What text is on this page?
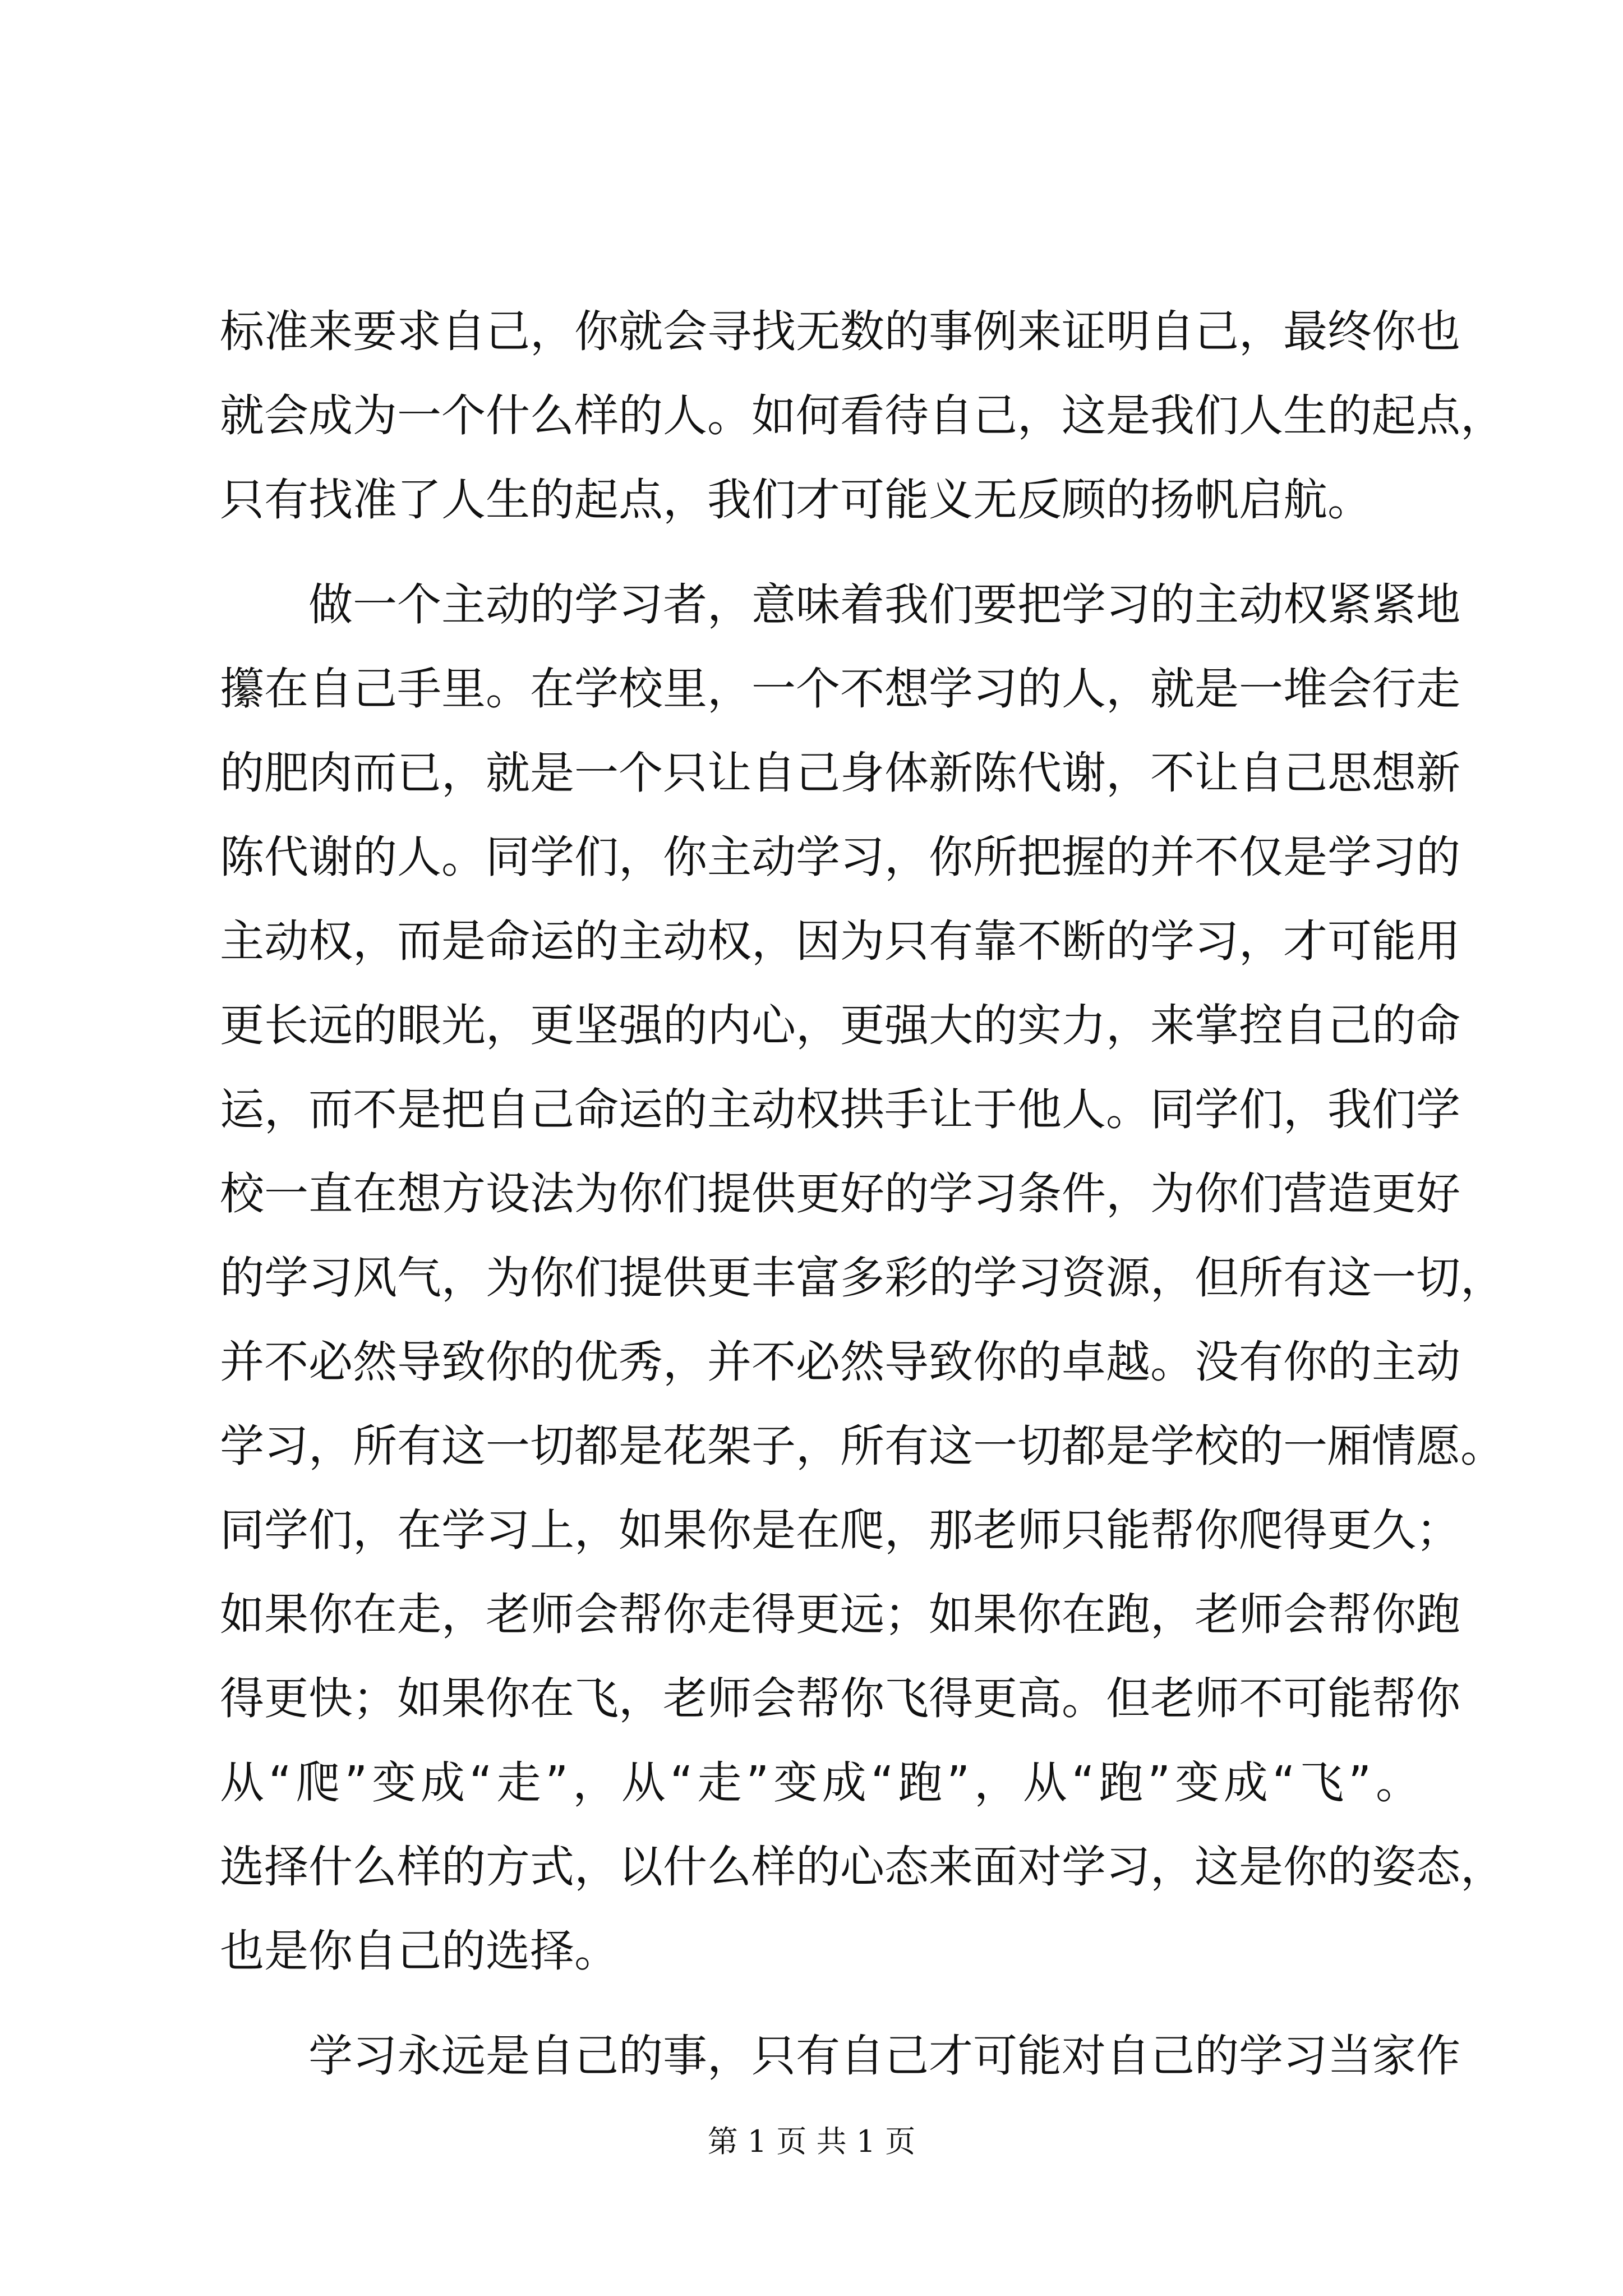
标准来要求自己，你就会寻找无数的事例来证明自己，最终你也
就会成为一个什么样的人。如何看待自己，这是我们人生的起点，
只有找准了人生的起点，我们才可能义无反顾的扬帆启航。
做一个主动的学习者，意味着我们要把学习的主动权紧紧地
攥在自己手里。在学校里，一个不想学习的人，就是一堆会行走
的肥肉而已，就是一个只让自己身体新陈代谢，不让自己思想新
陈代谢的人。同学们，你主动学习，你所把握的并不仅是学习的
主动权，而是命运的主动权，因为只有靠不断的学习，才可能用
更长远的眼光，更坚强的内心，更强大的实力，来掌控自己的命
运，而不是把自己命运的主动权拱手让于他人。同学们，我们学
校一直在想方设法为你们提供更好的学习条件，为你们营造更好
的学习风气，为你们提供更丰富多彩的学习资源，但所有这一切，
并不必然导致你的优秀，并不必然导致你的卓越。没有你的主动
学习，所有这一切都是花架子，所有这一切都是学校的一厢情愿。
同学们，在学习上，如果你是在爬，那老师只能帮你爬得更久；
如果你在走，老师会帮你走得更远；如果你在跑，老师会帮你跑
得更快；如果你在飞，老师会帮你飞得更高。但老师不可能帮你
从“爬”变成“走”，从“走”变成“跑”，从“跑”变成“飞”。
选择什么样的方式，以什么样的心态来面对学习，这是你的姿态，
也是你自己的选择。
学习永远是自己的事，只有自己才可能对自己的学习当家作
第 1 页 共 1 页
